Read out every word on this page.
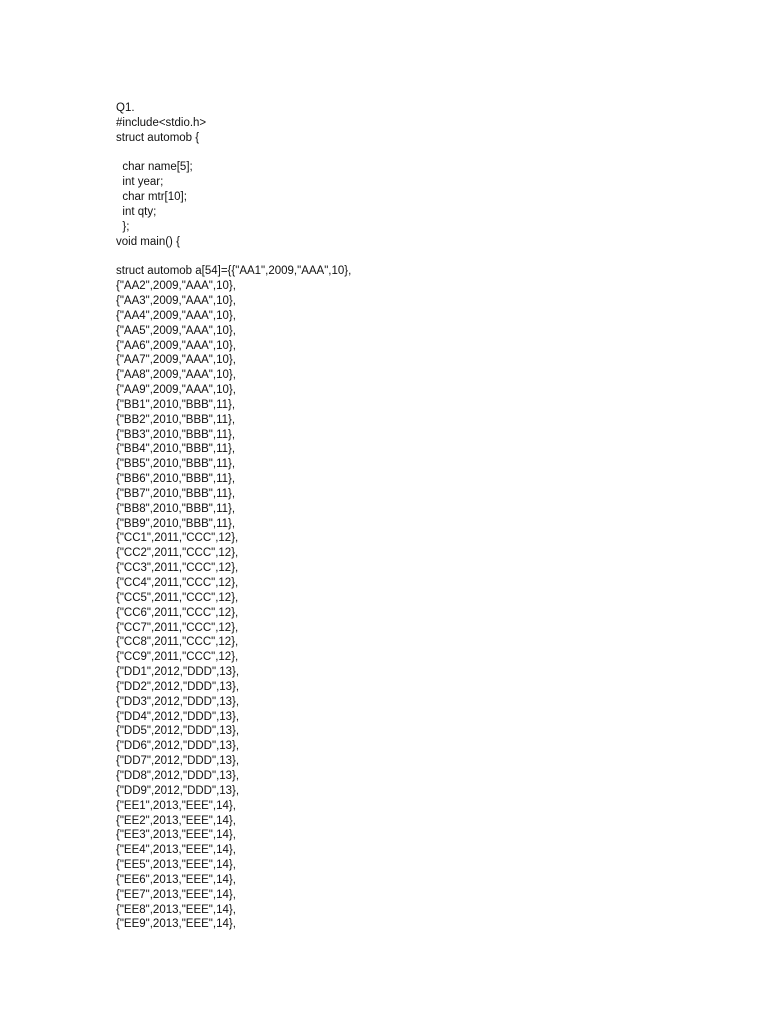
Q1.
#include<stdio.h>
struct automob {
char name[5];
int year;
char mtr[10];
int qty;
};
void main() {
struct automob a[54]={{"AA1",2009,"AAA",10},
{"AA2",2009,"AAA",10},
{"AA3",2009,"AAA",10},
{"AA4",2009,"AAA",10},
{"AA5",2009,"AAA",10},
{"AA6",2009,"AAA",10},
{"AA7",2009,"AAA",10},
{"AA8",2009,"AAA",10},
{"AA9",2009,"AAA",10},
{"BB1",2010,"BBB",11},
{"BB2",2010,"BBB",11},
{"BB3",2010,"BBB",11},
{"BB4",2010,"BBB",11},
{"BB5",2010,"BBB",11},
{"BB6",2010,"BBB",11},
{"BB7",2010,"BBB",11},
{"BB8",2010,"BBB",11},
{"BB9",2010,"BBB",11},
{"CC1",2011,"CCC",12},
{"CC2",2011,"CCC",12},
{"CC3",2011,"CCC",12},
{"CC4",2011,"CCC",12},
{"CC5",2011,"CCC",12},
{"CC6",2011,"CCC",12},
{"CC7",2011,"CCC",12},
{"CC8",2011,"CCC",12},
{"CC9",2011,"CCC",12},
{"DD1",2012,"DDD",13},
{"DD2",2012,"DDD",13},
{"DD3",2012,"DDD",13},
{"DD4",2012,"DDD",13},
{"DD5",2012,"DDD",13},
{"DD6",2012,"DDD",13},
{"DD7",2012,"DDD",13},
{"DD8",2012,"DDD",13},
{"DD9",2012,"DDD",13},
{"EE1",2013,"EEE",14},
{"EE2",2013,"EEE",14},
{"EE3",2013,"EEE",14},
{"EE4",2013,"EEE",14},
{"EE5",2013,"EEE",14},
{"EE6",2013,"EEE",14},
{"EE7",2013,"EEE",14},
{"EE8",2013,"EEE",14},
{"EE9",2013,"EEE",14},
